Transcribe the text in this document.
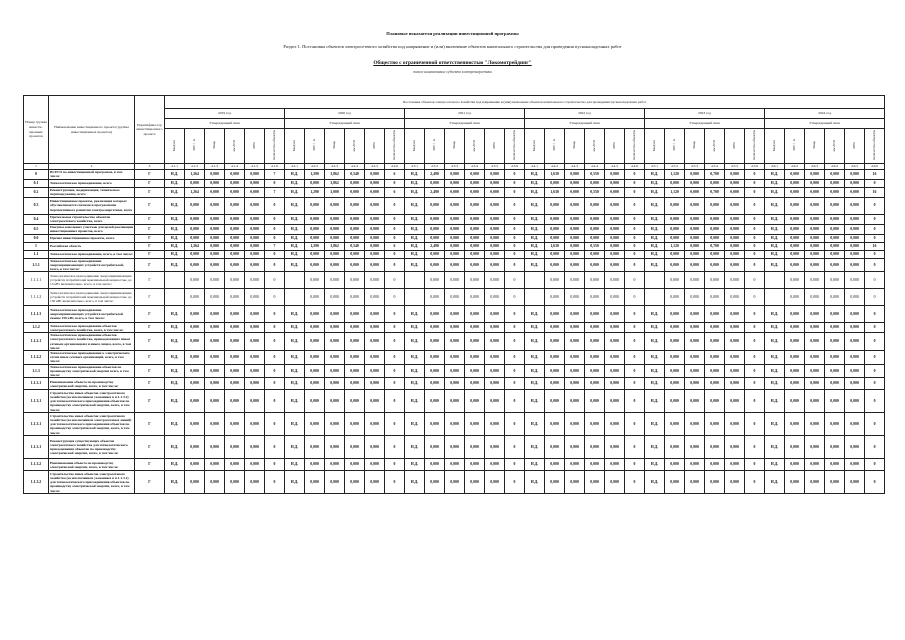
Плановые показатели реализации инвестиционной программы
Раздел 1. Постановка объектов электросетевого хозяйства под напряжение и (или) включение объектов капитального строительства для проведения пусконаладочных работ
Общество с ограниченной ответственностью "Локомотрейдинг"
полное наименование субъекта электроэнергетики
Номер группы инвести-ционных проектов	Наименование инвестиционного проекта (группы инвестиционных проектов)	Идентифика-тор инвестиционного проекта	Постановка объектов электросетевого хозяйства под напряжение и (или) включение объектов капитального строительства для проведения пусконаладочных работ																																			
			2019 год						2020 год						2021 год						2022 год						2023 год						2024 год					
			Утвержденный план						Утвержденный план						Утвержденный план						Утвержденный план						Утвержденный план						Утвержденный план					
			Квартал	МВ×А	Мвар	км ЛЭП	МВт	Количество объектов	Квартал	МВ×А	Мвар	км ЛЭП	МВт	Количество объектов	Квартал	МВ×А	Мвар	км ЛЭП	МВт	Количество объектов	Квартал	МВ×А	Мвар	км ЛЭП	МВт	Количество объектов	Квартал	МВ×А	Мвар	км ЛЭП	МВт	Количество объектов	Квартал	МВ×А	Мвар	км ЛЭП	МВт	Количество объектов
1	2	3	4.1.1	4.1.2	4.1.3	4.1.4	4.1.5	4.1.6	4.2.1	4.2.2	4.2.3	4.2.4	4.2.5	4.2.6	4.3.1	4.3.2	4.3.3	4.3.4	4.3.5	4.3.6	4.4.1	4.4.2	4.4.3	4.4.4	4.4.5	4.4.6	4.5.1	4.5.2	4.5.3	4.5.4	4.5.5	4.5.6	4.6.1	4.6.2	4.6.3	4.6.4	4.6.5	4.6.6
0	ВСЕГО по инвестиционной программе, в том числе:	Г	Н.Д.	1,264	0,000	0,000	0,000	7	Н.Д.	1,290	3,862	0,540	0,000	6	Н.Д.	2,490	0,000	0,000	0,000	0	Н.Д.	1,630	0,000	0,550	0,000	0	Н.Д.	1,120	0,000	0,700	0,000	0	Н.Д.	0,000	0,000	0,000	0,000	16
0.1	Технологическое присоединение, всего	Г	Н.Д.	0,000	0,000	0,000	0,000	0	Н.Д.	0,000	3,862	0,000	0,000	0	Н.Д.	0,000	0,000	0,000	0,000	0	Н.Д.	0,000	0,000	0,000	0,000	0	Н.Д.	0,000	0,000	0,000	0,000	0	Н.Д.	0,000	0,000	0,000	0,000	0
0.2	Реконструкция, модернизация, техническое перевооружение, всего	Г	Н.Д.	1,264	0,000	0,000	0,000	7	Н.Д.	1,290	3,000	0,000	0,000	6	Н.Д.	2,490	0,000	0,000	0,000	0	Н.Д.	1,630	0,000	0,550	0,000	0	Н.Д.	1,120	0,000	0,700	0,000	0	Н.Д.	0,000	0,000	0,000	0,000	16
0.3	Инвестиционные проекты, реализация которых обуславливается схемами и программами перспективного развития электроэнергетики, всего	Г	Н.Д.	0,000	0,000	0,000	0,000	0	Н.Д.	0,000	0,000	0,000	0,000	0	Н.Д.	0,000	0,000	0,000	0,000	0	Н.Д.	0,000	0,000	0,000	0,000	0	Н.Д.	0,000	0,000	0,000	0,000	0	Н.Д.	0,000	0,000	0,000	0,000	0
0.4	Прочее новое строительство объектов электросетевого хозяйства, всего	Г	Н.Д.	0,000	0,000	0,000	0,000	0	Н.Д.	0,000	0,000	0,000	0,000	0	Н.Д.	0,000	0,000	0,000	0,000	0	Н.Д.	0,000	0,000	0,000	0,000	0	Н.Д.	0,000	0,000	0,000	0,000	0	Н.Д.	0,000	0,000	0,000	0,000	0
0.5	Покупка земельных участков для целей реализации инвестиционных проектов, всего	Г	Н.Д.	0,000	0,000	0,000	0,000	0	Н.Д.	0,000	0,000	0,000	0,000	0	Н.Д.	0,000	0,000	0,000	0,000	0	Н.Д.	0,000	0,000	0,000	0,000	0	Н.Д.	0,000	0,000	0,000	0,000	0	Н.Д.	0,000	0,000	0,000	0,000	0
0.6	Прочие инвестиционные проекты, всего	Г	Н.Д.	0,000	0,000	0,000	0,000	0	Н.Д.	0,000	0,000	0,000	0,000	0	Н.Д.	0,000	0,000	0,000	0,000	0	Н.Д.	0,000	0,000	0,000	0,000	0	Н.Д.	0,000	0,000	0,000	0,000	0	Н.Д.	0,000	0,000	0,000	0,000	0
1	Российская область	Г	Н.Д.	1,264	0,000	0,000	0,000	7	Н.Д.	1,290	3,862	0,540	0,000	6	Н.Д.	2,490	0,000	0,000	0,000	0	Н.Д.	1,630	0,000	0,550	0,000	0	Н.Д.	1,120	0,000	0,700	0,000	0	Н.Д.	0,000	0,000	0,000	0,000	16
1.1	Технологическое присоединение, всего, в том числе:	Г	Н.Д.	0,000	0,000	0,000	0,000	0	Н.Д.	0,000	0,000	0,000	0,000	0	Н.Д.	0,000	0,000	0,000	0,000	0	Н.Д.	0,000	0,000	0,000	0,000	0	Н.Д.	0,000	0,000	0,000	0,000	0	Н.Д.	0,000	0,000	0,000	0,000	0
1.1.1	Технологическое присоединение энергопринимающих устройств потребителей, всего, в том числе:	Г	Н.Д.	0,000	0,000	0,000	0,000	0	Н.Д.	0,000	0,000	0,000	0,000	0	Н.Д.	0,000	0,000	0,000	0,000	0	Н.Д.	0,000	0,000	0,000	0,000	0	Н.Д.	0,000	0,000	0,000	0,000	0	Н.Д.	0,000	0,000	0,000	0,000	0
1.1.1.1	Технологическое присоединение энергопринимающих устройств потребителей максимальной мощностью до 15 кВт включительно, всего, в том числе:	Г		0,000	0,000	0,000	0,000	0		0,000	0,000	0,000	0,000	0		0,000	0,000	0,000	0,000	0		0,000	0,000	0,000	0,000	0		0,000	0,000	0,000	0,000	0		0,000	0,000	0,000	0,000	0
1.1.1.2	Технологическое присоединение энергопринимающих устройств потребителей максимальной мощностью до 150 кВт включительно, всего, в том числе:	Г		0,000	0,000	0,000	0,000	0		0,000	0,000	0,000	0,000	0		0,000	0,000	0,000	0,000	0		0,000	0,000	0,000	0,000	0		0,000	0,000	0,000	0,000	0		0,000	0,000	0,000	0,000	0
1.1.1.3	Технологическое присоединение энергопринимающих устройств потребителей свыше 150 кВт, всего, в том числе:	Г	Н.Д.	0,000	0,000	0,000	0,000	0	Н.Д.	0,000	0,000	0,000	0,000	0	Н.Д.	0,000	0,000	0,000	0,000	0	Н.Д.	0,000	0,000	0,000	0,000	0	Н.Д.	0,000	0,000	0,000	0,000	0	Н.Д.	0,000	0,000	0,000	0,000	0
1.1.2	Технологическое присоединение объектов электросетевого хозяйства, всего, в том числе:	Г	Н.Д.	0,000	0,000	0,000	0,000	0	Н.Д.	0,000	0,000	0,000	0,000	0	Н.Д.	0,000	0,000	0,000	0,000	0	Н.Д.	0,000	0,000	0,000	0,000	0	Н.Д.	0,000	0,000	0,000	0,000	0	Н.Д.	0,000	0,000	0,000	0,000	0
1.1.2.1	Технологическое присоединение объектов электросетевого хозяйства, принадлежащих иным сетевым организациям и иным лицам, всего, в том числе:	Г	Н.Д.	0,000	0,000	0,000	0,000	0	Н.Д.	0,000	0,000	0,000	0,000	0	Н.Д.	0,000	0,000	0,000	0,000	0	Н.Д.	0,000	0,000	0,000	0,000	0	Н.Д.	0,000	0,000	0,000	0,000	0	Н.Д.	0,000	0,000	0,000	0,000	0
1.1.2.2	Технологическое присоединение к электрическим сетям иных сетевых организаций, всего, в том числе:	Г	Н.Д.	0,000	0,000	0,000	0,000	0	Н.Д.	0,000	0,000	0,000	0,000	0	Н.Д.	0,000	0,000	0,000	0,000	0	Н.Д.	0,000	0,000	0,000	0,000	0	Н.Д.	0,000	0,000	0,000	0,000	0	Н.Д.	0,000	0,000	0,000	0,000	0
1.1.3	Технологическое присоединение объектов по производству электрической энергии всего, в том числе:	Г	Н.Д.	0,000	0,000	0,000	0,000	0	Н.Д.	0,000	0,000	0,000	0,000	0	Н.Д.	0,000	0,000	0,000	0,000	0	Н.Д.	0,000	0,000	0,000	0,000	0	Н.Д.	0,000	0,000	0,000	0,000	0	Н.Д.	0,000	0,000	0,000	0,000	0
1.1.3.1	Наименование объекта по производству электрической энергии, всего, в том числе:	Г	Н.Д.	0,000	0,000	0,000	0,000	0	Н.Д.	0,000	0,000	0,000	0,000	0	Н.Д.	0,000	0,000	0,000	0,000	0	Н.Д.	0,000	0,000	0,000	0,000	0	Н.Д.	0,000	0,000	0,000	0,000	0	Н.Д.	0,000	0,000	0,000	0,000	0
1.1.3.1	Строительство иных объектов электросетевого хозяйства (за исключением указанных в п.1.1.3.2) для технологического присоединения объектов по производству электрической энергии, всего, в том числе:	Г	Н.Д.	0,000	0,000	0,000	0,000	0	Н.Д.	0,000	0,000	0,000	0,000	0	Н.Д.	0,000	0,000	0,000	0,000	0	Н.Д.	0,000	0,000	0,000	0,000	0	Н.Д.	0,000	0,000	0,000	0,000	0	Н.Д.	0,000	0,000	0,000	0,000	0
1.1.3.1	Строительство иных объектов электросетевого хозяйства (за исключением электросетевых линий) для технологического присоединения объектов по производству электрической энергии, всего, в том числе:	Г	Н.Д.	0,000	0,000	0,000	0,000	0	Н.Д.	0,000	0,000	0,000	0,000	0	Н.Д.	0,000	0,000	0,000	0,000	0	Н.Д.	0,000	0,000	0,000	0,000	0	Н.Д.	0,000	0,000	0,000	0,000	0	Н.Д.	0,000	0,000	0,000	0,000	0
1.1.3.1	Реконструкция существующих объектов электросетевого хозяйства для технологического присоединения объектов по производству электрической энергии, всего, в том числе:	Г	Н.Д.	0,000	0,000	0,000	0,000	0	Н.Д.	0,000	0,000	0,000	0,000	0	Н.Д.	0,000	0,000	0,000	0,000	0	Н.Д.	0,000	0,000	0,000	0,000	0	Н.Д.	0,000	0,000	0,000	0,000	0	Н.Д.	0,000	0,000	0,000	0,000	0
1.1.3.2	Наименование объекта по производству электрической энергии, всего, в том числе:	Г	Н.Д.	0,000	0,000	0,000	0,000	0	Н.Д.	0,000	0,000	0,000	0,000	0	Н.Д.	0,000	0,000	0,000	0,000	0	Н.Д.	0,000	0,000	0,000	0,000	0	Н.Д.	0,000	0,000	0,000	0,000	0	Н.Д.	0,000	0,000	0,000	0,000	0
1.1.3.2	Строительство иных объектов электросетевого хозяйства (за исключением указанных в п.1.1.3.1) для технологического присоединения объектов по производству электрической энергии, всего, в том числе:	Г	Н.Д.	0,000	0,000	0,000	0,000	0	Н.Д.	0,000	0,000	0,000	0,000	0	Н.Д.	0,000	0,000	0,000	0,000	0	Н.Д.	0,000	0,000	0,000	0,000	0	Н.Д.	0,000	0,000	0,000	0,000	0	Н.Д.	0,000	0,000	0,000	0,000	0
